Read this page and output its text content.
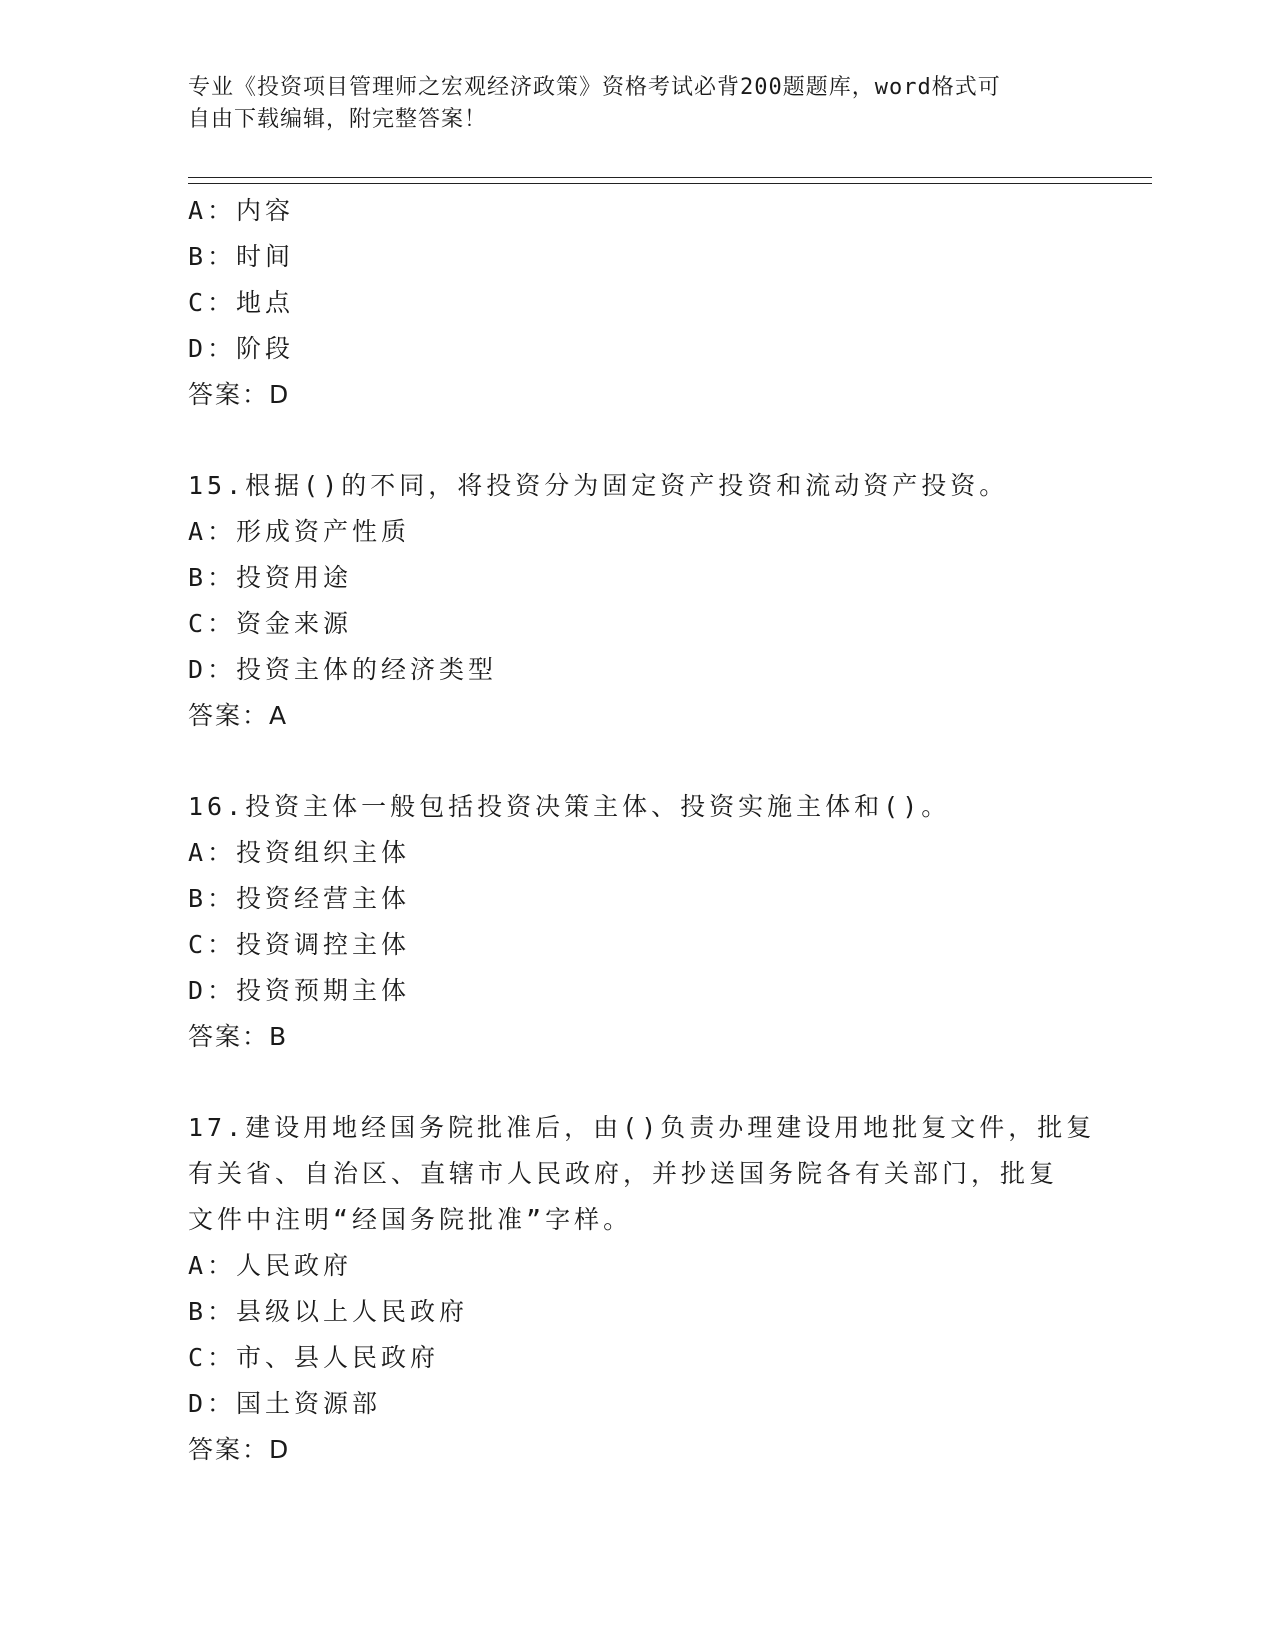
专业《投资项目管理师之宏观经济政策》资格考试必背200题题库，word格式可
自由下载编辑，附完整答案！
A：内容
B：时间
C：地点
D：阶段
答案：D
15.根据()的不同，将投资分为固定资产投资和流动资产投资。
A：形成资产性质
B：投资用途
C：资金来源
D：投资主体的经济类型
答案：A
16.投资主体一般包括投资决策主体、投资实施主体和()。
A：投资组织主体
B：投资经营主体
C：投资调控主体
D：投资预期主体
答案：B
17.建设用地经国务院批准后，由()负责办理建设用地批复文件，批复
有关省、自治区、直辖市人民政府，并抄送国务院各有关部门，批复
文件中注明“经国务院批准”字样。
A：人民政府
B：县级以上人民政府
C：市、县人民政府
D：国土资源部
答案：D
